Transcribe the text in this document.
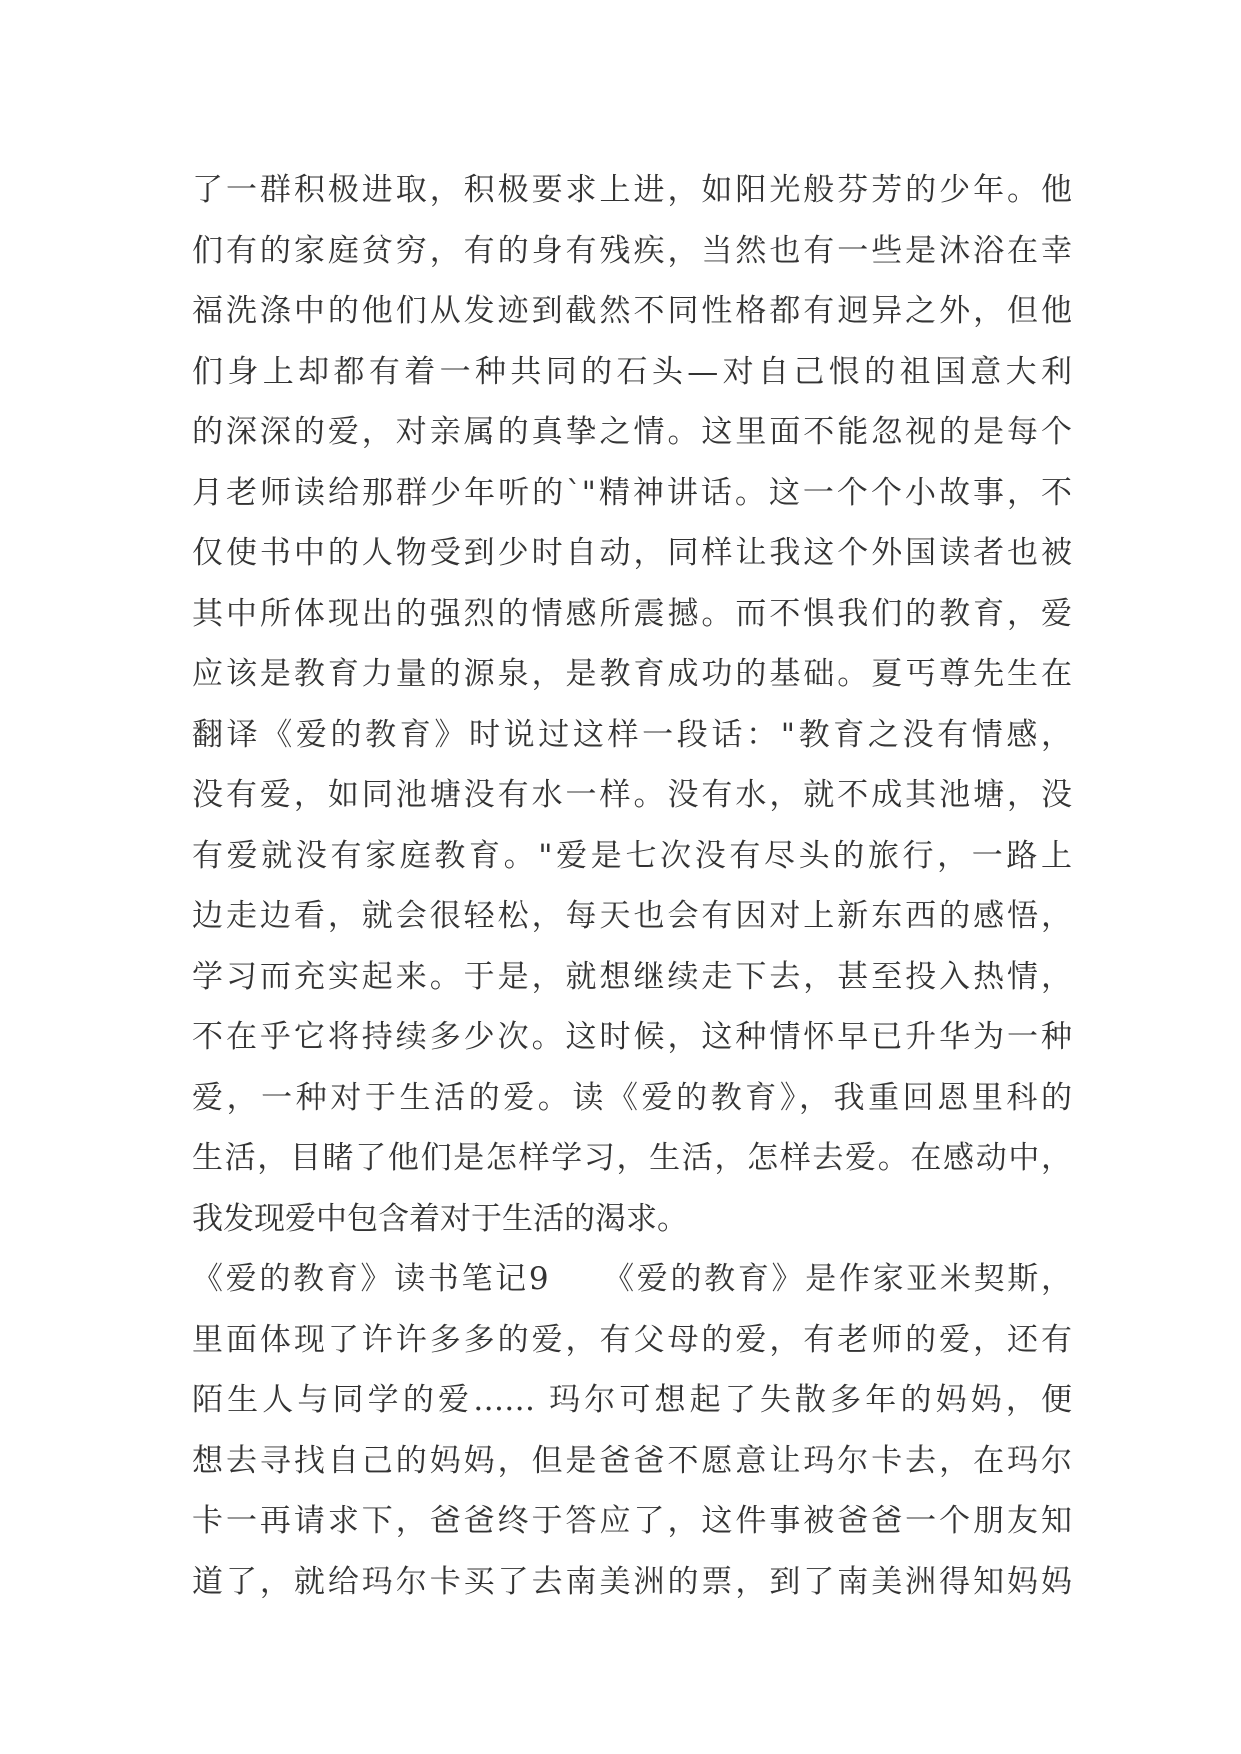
了一群积极进取，积极要求上进，如阳光般芬芳的少年。他
们有的家庭贫穷，有的身有残疾，当然也有一些是沐浴在幸
福洗涤中的他们从发迹到截然不同性格都有迥异之外，但他
们身上却都有着一种共同的石头—对自己恨的祖国意大利
的深深的爱，对亲属的真挚之情。这里面不能忽视的是每个
月老师读给那群少年听的`"精神讲话。这一个个小故事，不
仅使书中的人物受到少时自动，同样让我这个外国读者也被
其中所体现出的强烈的情感所震撼。而不惧我们的教育，爱
应该是教育力量的源泉，是教育成功的基础。夏丐尊先生在
翻译《爱的教育》时说过这样一段话："教育之没有情感，
没有爱，如同池塘没有水一样。没有水，就不成其池塘，没
有爱就没有家庭教育。"爱是七次没有尽头的旅行，一路上
边走边看，就会很轻松，每天也会有因对上新东西的感悟，
学习而充实起来。于是，就想继续走下去，甚至投入热情，
不在乎它将持续多少次。这时候，这种情怀早已升华为一种
爱，一种对于生活的爱。读《爱的教育》，我重回恩里科的
生活，目睹了他们是怎样学习，生活，怎样去爱。在感动中，
我发现爱中包含着对于生活的渴求。
《爱的教育》读书笔记9　　《爱的教育》是作家亚米契斯，
里面体现了许许多多的爱，有父母的爱，有老师的爱，还有
陌生人与同学的爱…… 玛尔可想起了失散多年的妈妈，便
想去寻找自己的妈妈，但是爸爸不愿意让玛尔卡去，在玛尔
卡一再请求下，爸爸终于答应了，这件事被爸爸一个朋友知
道了，就给玛尔卡买了去南美洲的票，到了南美洲得知妈妈
